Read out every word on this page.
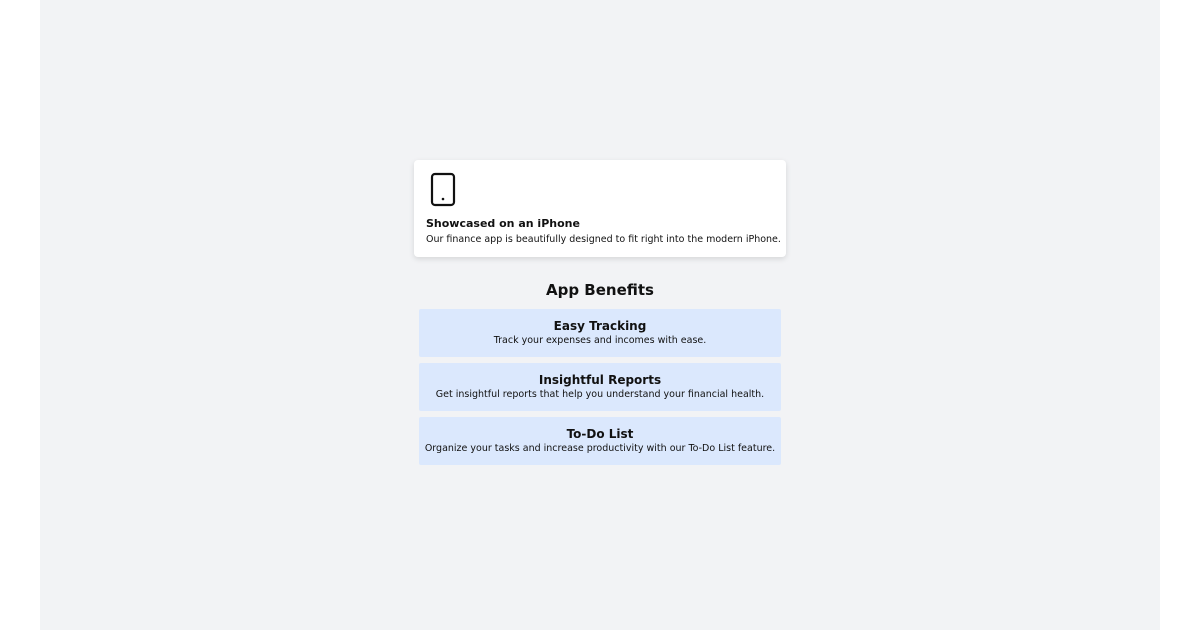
Showcased on an iPhone
Our finance app is beautifully designed to fit right into the modern iPhone.
App Benefits
Easy Tracking
Track your expenses and incomes with ease.
Insightful Reports
Get insightful reports that help you understand your financial health.
To-Do List
Organize your tasks and increase productivity with our To-Do List feature.
